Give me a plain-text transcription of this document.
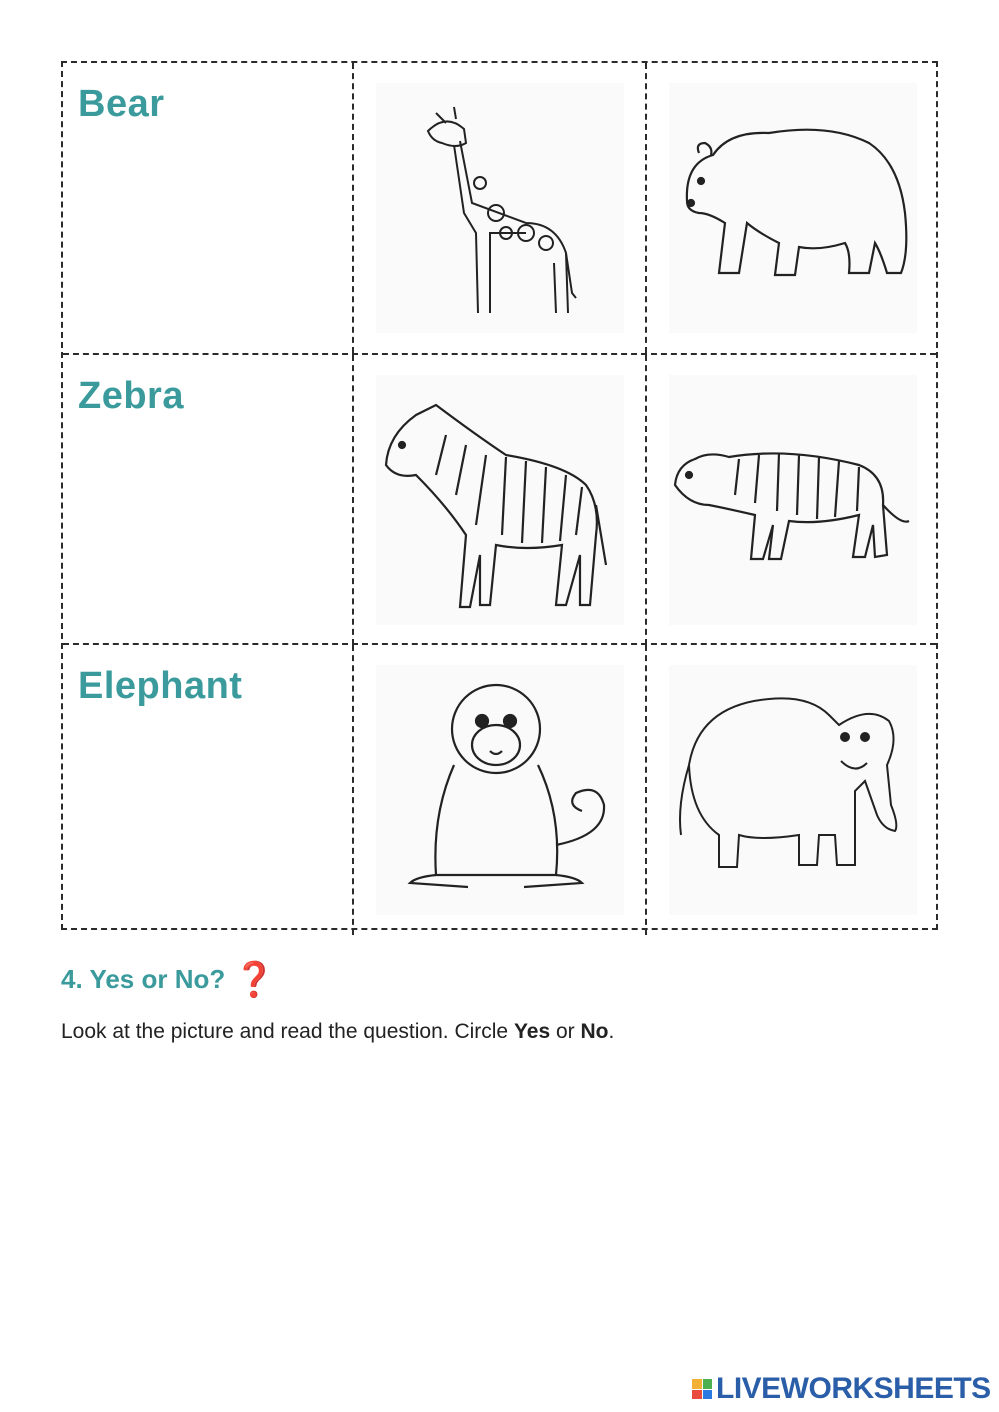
Bear
Zebra
Elephant
4. Yes or No? ❓
Look at the picture and read the question. Circle Yes or No.
LIVEWORKSHEETS
